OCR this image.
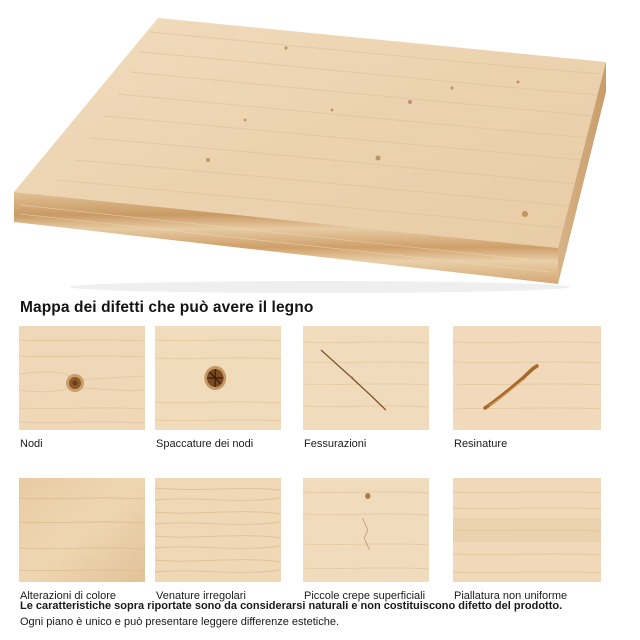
Mappa dei difetti che può avere il legno
Nodi	Spaccature dei nodi	Fessurazioni	Resinature
Alterazioni di colore	Venature irregolari	Piccole crepe superficiali	Piallatura non uniforme
Le caratteristiche sopra riportate sono da considerarsi naturali e non costituiscono difetto del prodotto.
Ogni piano è unico e può presentare leggere differenze estetiche.
